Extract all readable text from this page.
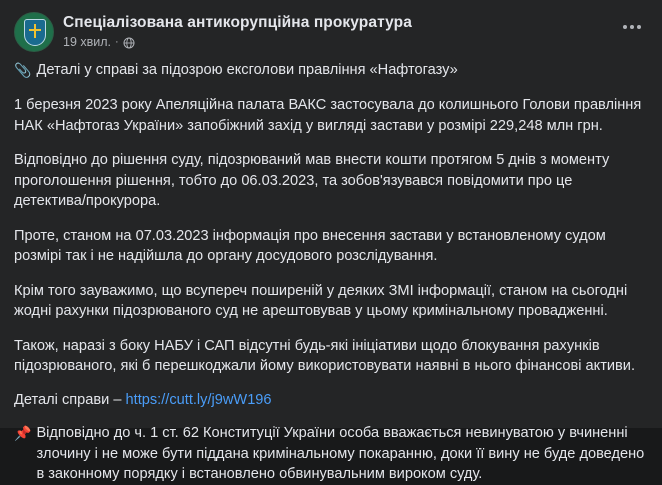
Спеціалізована антикорупційна прокуратура
19 хвил. ·
📎 Деталі у справі за підозрою ексголови правління «Нафтогазу»

1 березня 2023 року Апеляційна палата ВАКС застосувала до колишнього Голови правління НАК «Нафтогаз України» запобіжний захід у вигляді застави у розмірі 229,248 млн грн.

Відповідно до рішення суду, підозрюваний мав внести кошти протягом 5 днів з моменту проголошення рішення, тобто до 06.03.2023, та зобов'язувався повідомити про це детектива/прокурора.

Проте, станом на 07.03.2023 інформація про внесення застави у встановленому судом розмірі так і не надійшла до органу досудового розслідування.

Крім того зауважимо, що всупереч поширеній у деяких ЗМІ інформації, станом на сьогодні жодні рахунки підозрюваного суд не арештовував у цьому кримінальному провадженні.

Також, наразі з боку НАБУ і САП відсутні будь-які ініціативи щодо блокування рахунків підозрюваного, які б перешкоджали йому використовувати наявні в нього фінансові активи.

Деталі справи – https://cutt.ly/j9wW196
📌 Відповідно до ч. 1 ст. 62 Конституції України особа вважається невинуватою у вчиненні злочину і не може бути піддана кримінальному покаранню, доки її вину не буде доведено в законному порядку і встановлено обвинувальним вироком суду.
